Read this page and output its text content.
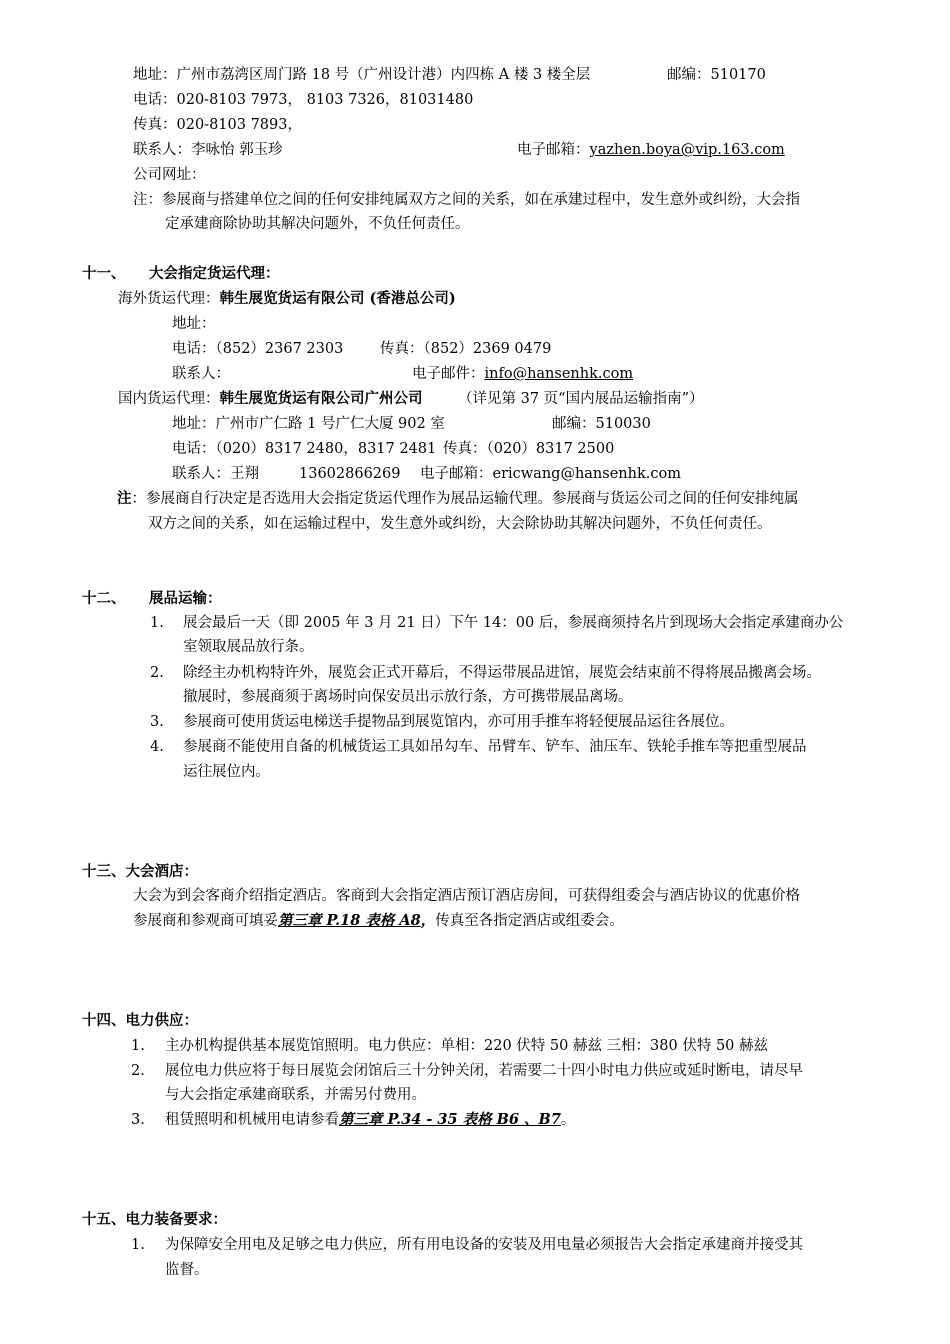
地址：广州市荔湾区周门路 18 号（广州设计港）内四栋 A 楼 3 楼全层	邮编：510170
电话：020-8103 7973， 8103 7326，81031480
传真：020-8103 7893，
联系人：李咏怡 郭玉珍	电子邮箱：yazhen.boya@vip.163.com
公司网址：
注：参展商与搭建单位之间的任何安排纯属双方之间的关系，如在承建过程中，发生意外或纠纷，大会指
定承建商除协助其解决问题外，不负任何责任。
十一、 大会指定货运代理：
海外货运代理：韩生展览货运有限公司 (香港总公司)
地址：
电话：（852）2367 2303	传真：（852）2369 0479
联系人：	电子邮件：info@hansenhk.com
国内货运代理：韩生展览货运有限公司广州公司 （详见第 37 页“国内展品运输指南”）
地址：广州市广仁路 1 号广仁大厦 902 室	邮编：510030
电话：（020）8317 2480，8317 2481 传真：（020）8317 2500
联系人：王翔	13602866269 电子邮箱：ericwang@hansenhk.com
注：参展商自行决定是否选用大会指定货运代理作为展品运输代理。参展商与货运公司之间的任何安排纯属
双方之间的关系，如在运输过程中，发生意外或纠纷，大会除协助其解决问题外，不负任何责任。
十二、 展品运输：
1. 展会最后一天（即 2005 年 3 月 21 日）下午 14：00 后，参展商须持名片到现场大会指定承建商办公
室领取展品放行条。
2. 除经主办机构特许外，展览会正式开幕后，不得运带展品进馆，展览会结束前不得将展品搬离会场。
撤展时，参展商须于离场时向保安员出示放行条，方可携带展品离场。
3. 参展商可使用货运电梯送手提物品到展览馆内，亦可用手推车将轻便展品运往各展位。
4. 参展商不能使用自备的机械货运工具如吊勾车、吊臂车、铲车、油压车、铁轮手推车等把重型展品
运往展位内。
十三、大会酒店：
大会为到会客商介绍指定酒店。客商到大会指定酒店预订酒店房间，可获得组委会与酒店协议的优惠价格
参展商和参观商可填妥第三章 P.18 表格 A8，传真至各指定酒店或组委会。
十四、电力供应：
1. 主办机构提供基本展览馆照明。电力供应：单相：220 伏特 50 赫兹 三相：380 伏特 50 赫兹
2. 展位电力供应将于每日展览会闭馆后三十分钟关闭，若需要二十四小时电力供应或延时断电，请尽早
与大会指定承建商联系，并需另付费用。
3. 租赁照明和机械用电请参看第三章 P.34 - 35 表格 B6 、B7。
十五、电力装备要求：
1. 为保障安全用电及足够之电力供应，所有用电设备的安装及用电量必须报告大会指定承建商并接受其
监督。
